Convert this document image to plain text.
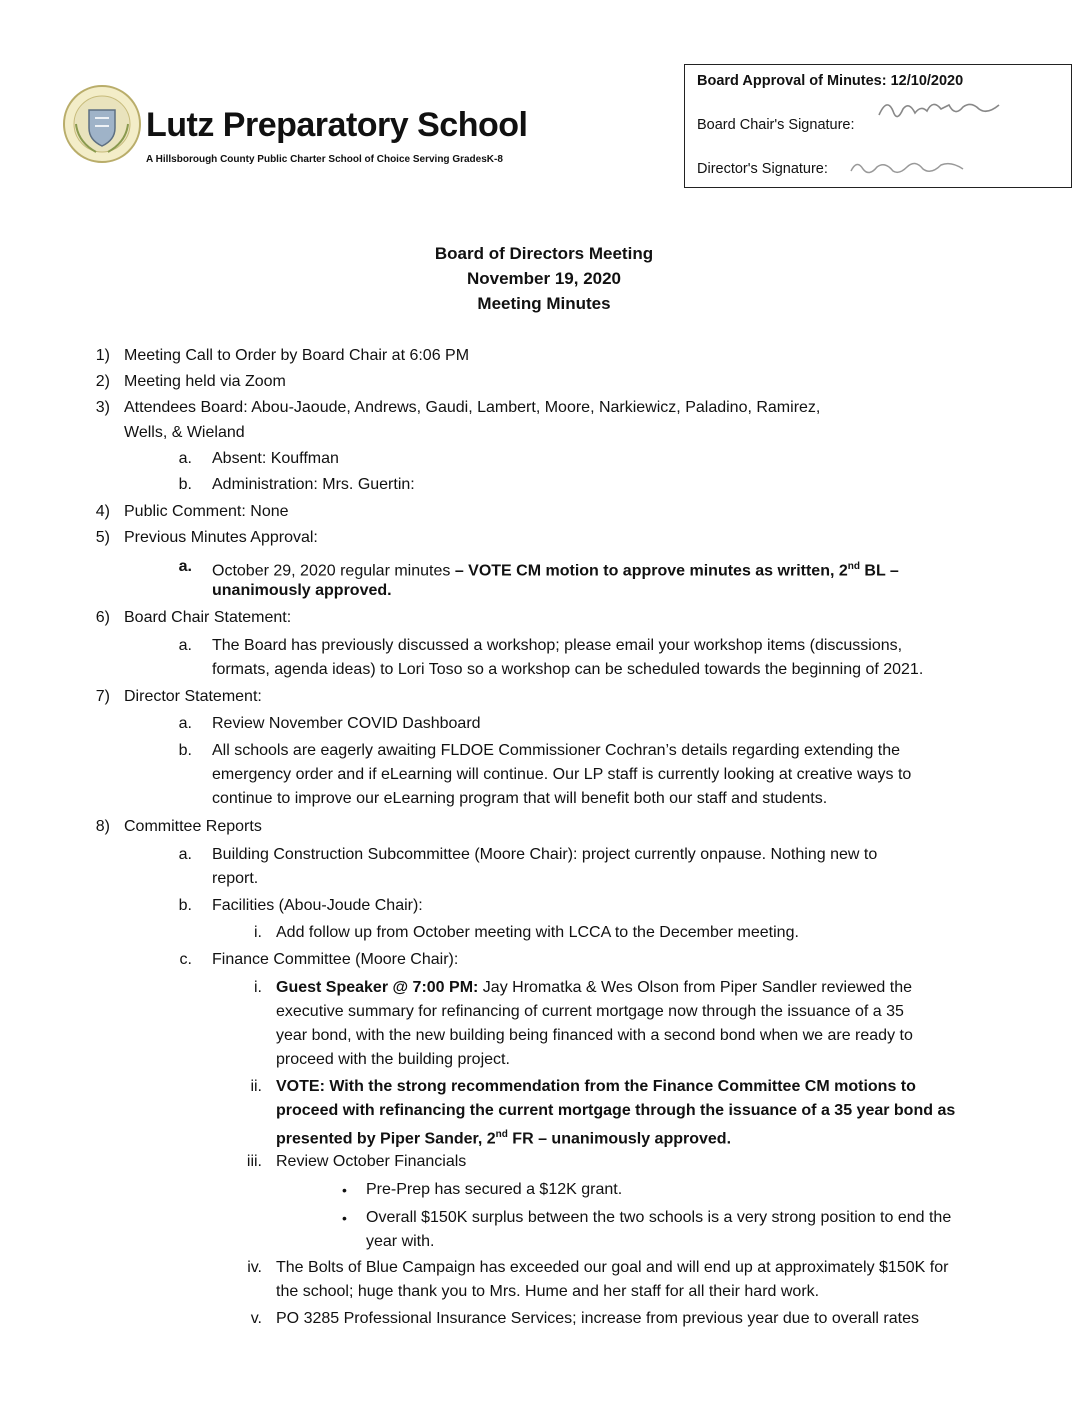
Lutz Preparatory School
A Hillsborough County Public Charter School of Choice Serving GradesK-8
Board Approval of Minutes: 12/10/2020
Board Chair's Signature:
Director's Signature:
Board of Directors Meeting
November 19, 2020
Meeting Minutes
1) Meeting Call to Order by Board Chair at 6:06 PM
2) Meeting held via Zoom
3) Attendees Board: Abou-Jaoude, Andrews, Gaudi, Lambert, Moore, Narkiewicz, Paladino, Ramirez,
Wells, & Wieland
a. Absent: Kouffman
b. Administration: Mrs. Guertin:
4) Public Comment: None
5) Previous Minutes Approval:
a. October 29, 2020 regular minutes – VOTE CM motion to approve minutes as written, 2nd BL –
unanimously approved.
6) Board Chair Statement:
a. The Board has previously discussed a workshop; please email your workshop items (discussions,
formats, agenda ideas) to Lori Toso so a workshop can be scheduled towards the beginning of 2021.
7) Director Statement:
a. Review November COVID Dashboard
b. All schools are eagerly awaiting FLDOE Commissioner Cochran’s details regarding extending the
emergency order and if eLearning will continue. Our LP staff is currently looking at creative ways to
continue to improve our eLearning program that will benefit both our staff and students.
8) Committee Reports
a. Building Construction Subcommittee (Moore Chair): project currently onpause. Nothing new to
report.
b. Facilities (Abou-Joude Chair):
i. Add follow up from October meeting with LCCA to the December meeting.
c. Finance Committee (Moore Chair):
i. Guest Speaker @ 7:00 PM: Jay Hromatka & Wes Olson from Piper Sandler reviewed the
executive summary for refinancing of current mortgage now through the issuance of a 35
year bond, with the new building being financed with a second bond when we are ready to
proceed with the building project.
ii. VOTE: With the strong recommendation from the Finance Committee CM motions to
proceed with refinancing the current mortgage through the issuance of a 35 year bond as
presented by Piper Sander, 2nd FR – unanimously approved.
iii. Review October Financials
• Pre-Prep has secured a $12K grant.
• Overall $150K surplus between the two schools is a very strong position to end the
year with.
iv. The Bolts of Blue Campaign has exceeded our goal and will end up at approximately $150K for
the school; huge thank you to Mrs. Hume and her staff for all their hard work.
v. PO 3285 Professional Insurance Services; increase from previous year due to overall rates
